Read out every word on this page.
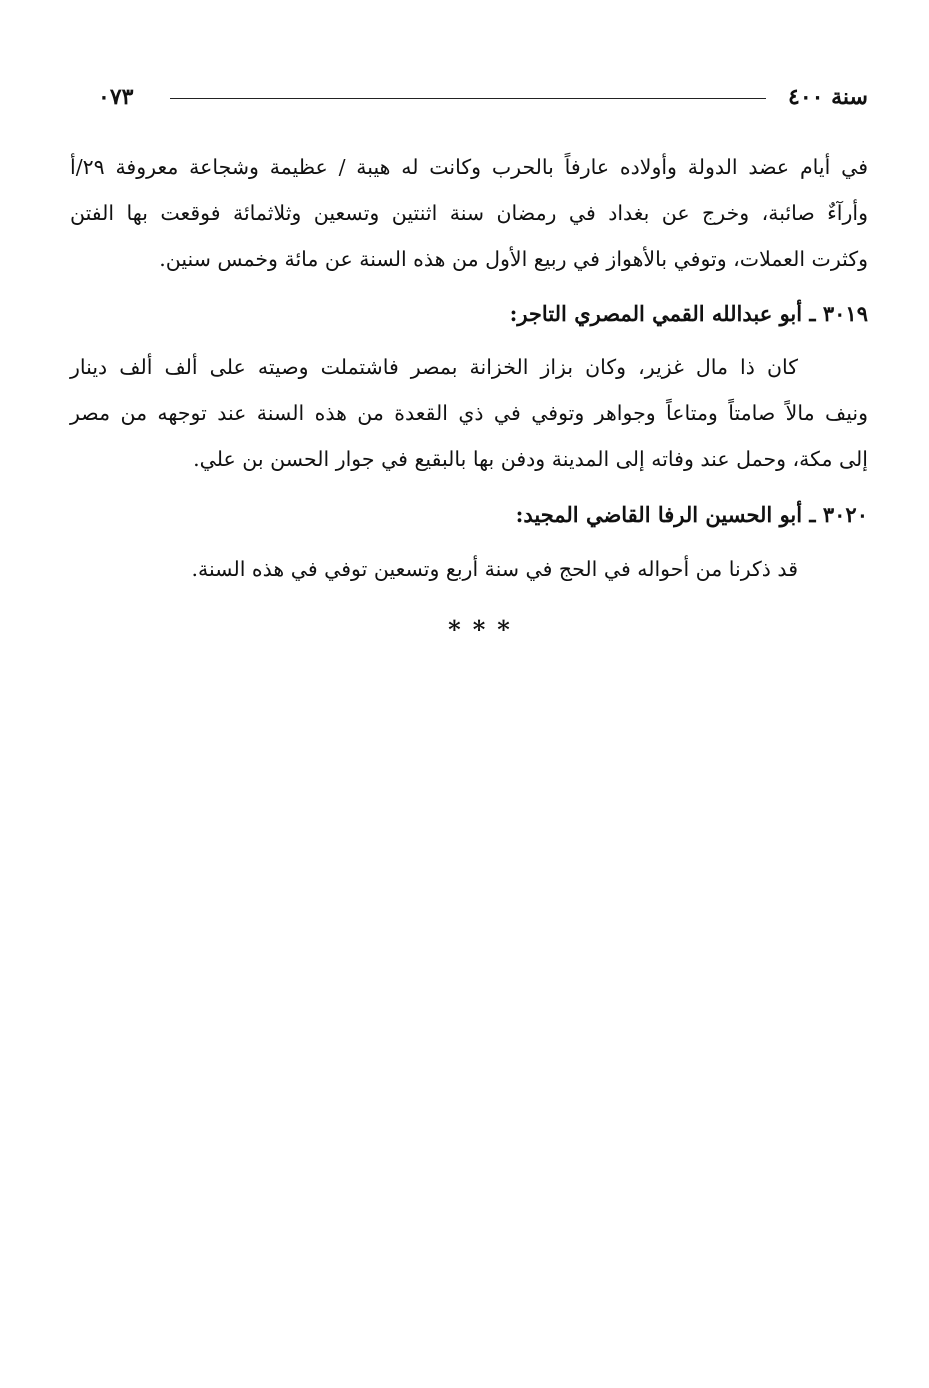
سنة ٤٠٠
٠٧٣
في أيام عضد الدولة وأولاده عارفاً بالحرب وكانت له هيبة / عظيمة وشجاعة معروفة ٢٩/أ
وأرآءٌ صائبة، وخرج عن بغداد في رمضان سنة اثنتين وتسعين وثلاثمائة فوقعت بها الفتن
وكثرت العملات، وتوفي بالأهواز في ربيع الأول من هذه السنة عن مائة وخمس سنين.
٣٠١٩ ـ أبو عبدالله القمي المصري التاجر:
كان ذا مال غزير، وكان بزاز الخزانة بمصر فاشتملت وصيته على ألف ألف دينار
ونيف مالاً صامتاً ومتاعاً وجواهر وتوفي في ذي القعدة من هذه السنة عند توجهه من مصر
إلى مكة، وحمل عند وفاته إلى المدينة ودفن بها بالبقيع في جوار الحسن بن علي.
٣٠٢٠ ـ أبو الحسين الرفا القاضي المجيد:
قد ذكرنا من أحواله في الحج في سنة أربع وتسعين توفي في هذه السنة.
***
